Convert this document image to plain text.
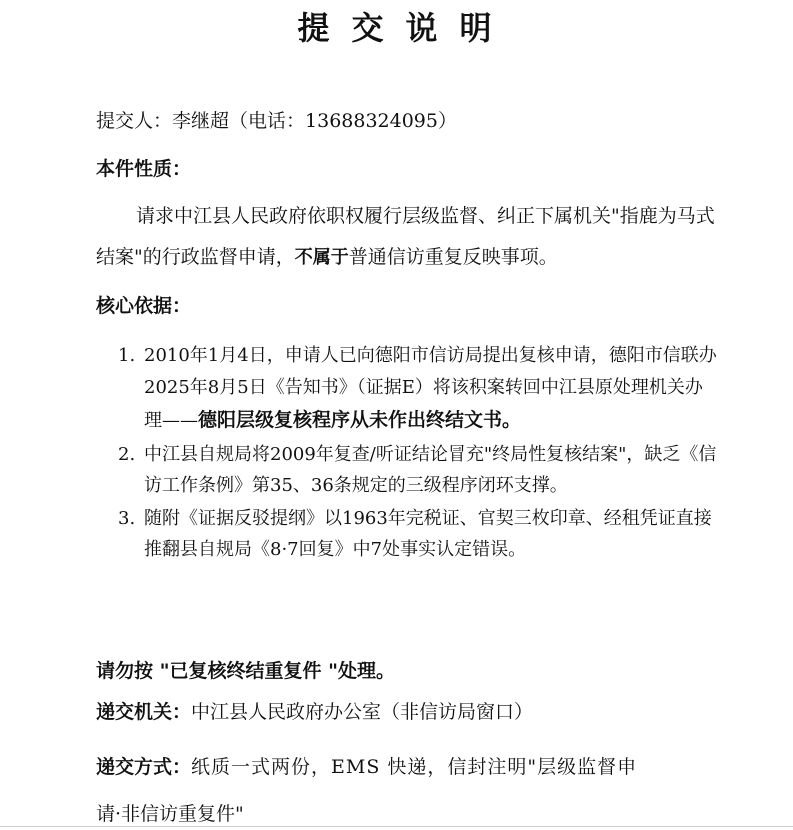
提交说明
提交人：李继超（电话：13688324095）
本件性质：
请求中江县人民政府依职权履行层级监督、纠正下属机关"指鹿为马式结案"的行政监督申请，不属于普通信访重复反映事项。
核心依据：
1. 2010年1月4日，申请人已向德阳市信访局提出复核申请，德阳市信联办2025年8月5日《告知书》（证据E）将该积案转回中江县原处理机关办理——德阳层级复核程序从未作出终结文书。
2. 中江县自规局将2009年复查/听证结论冒充"终局性复核结案"，缺乏《信访工作条例》第35、36条规定的三级程序闭环支撑。
3. 随附《证据反驳提纲》以1963年完税证、官契三枚印章、经租凭证直接推翻县自规局《8·7回复》中7处事实认定错误。
请勿按 "已复核终结重复件 "处理。
递交机关：中江县人民政府办公室（非信访局窗口）
递交方式：纸质一式两份，EMS 快递，信封注明"层级监督申
请·非信访重复件"
